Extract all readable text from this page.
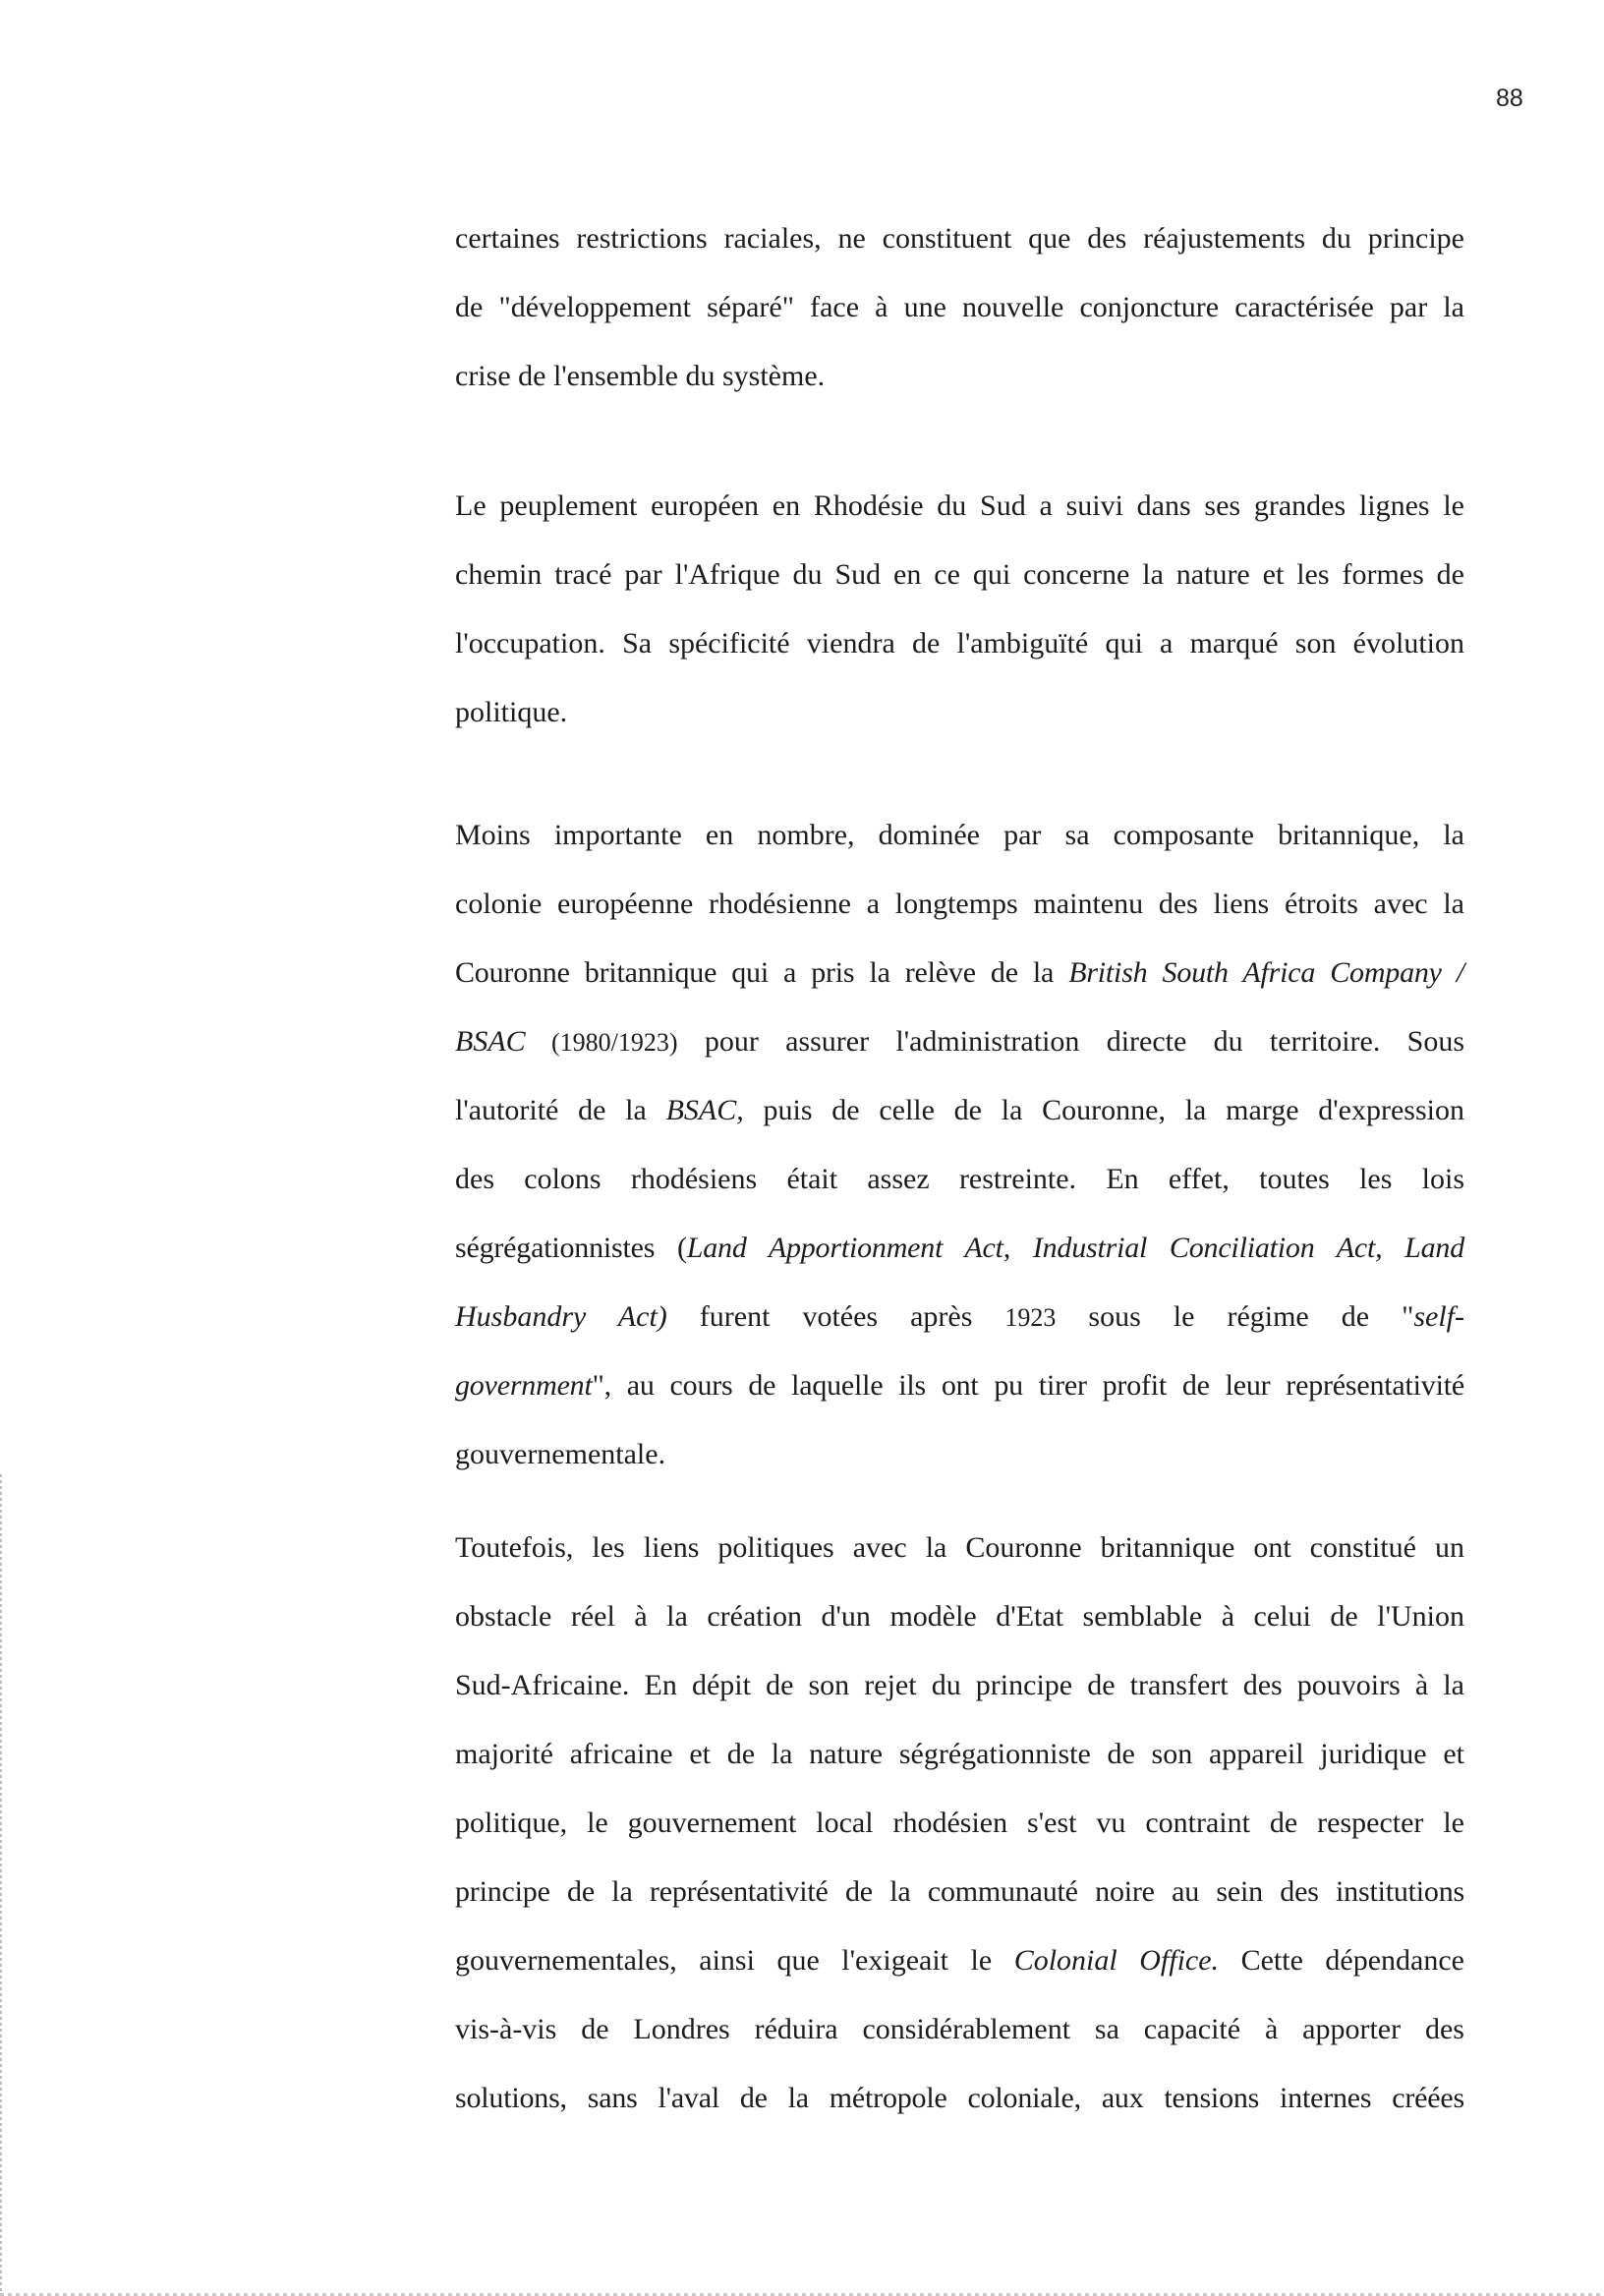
88
certaines restrictions raciales, ne constituent que des réajustements du principe
de "développement séparé" face à une nouvelle conjoncture caractérisée par la
crise de l'ensemble du système.
Le peuplement européen en Rhodésie du Sud a suivi dans ses grandes lignes le
chemin tracé par l'Afrique du Sud en ce qui concerne la nature et les formes de
l'occupation. Sa spécificité viendra de l'ambiguïté qui a marqué son évolution
politique.
Moins importante en nombre, dominée par sa composante britannique, la
colonie européenne rhodésienne a longtemps maintenu des liens étroits avec la
Couronne britannique qui a pris la relève de la British South Africa Company /
BSAC (1980/1923) pour assurer l'administration directe du territoire. Sous
l'autorité de la BSAC, puis de celle de la Couronne, la marge d'expression
des colons rhodésiens était assez restreinte. En effet, toutes les lois
ségrégationnistes (Land Apportionment Act, Industrial Conciliation Act, Land
Husbandry Act) furent votées après 1923 sous le régime de "self-
government", au cours de laquelle ils ont pu tirer profit de leur représentativité
gouvernementale.
Toutefois, les liens politiques avec la Couronne britannique ont constitué un
obstacle réel à la création d'un modèle d'Etat semblable à celui de l'Union
Sud-Africaine. En dépit de son rejet du principe de transfert des pouvoirs à la
majorité africaine et de la nature ségrégationniste de son appareil juridique et
politique, le gouvernement local rhodésien s'est vu contraint de respecter le
principe de la représentativité de la communauté noire au sein des institutions
gouvernementales, ainsi que l'exigeait le Colonial Office. Cette dépendance
vis-à-vis de Londres réduira considérablement sa capacité à apporter des
solutions, sans l'aval de la métropole coloniale, aux tensions internes créées
